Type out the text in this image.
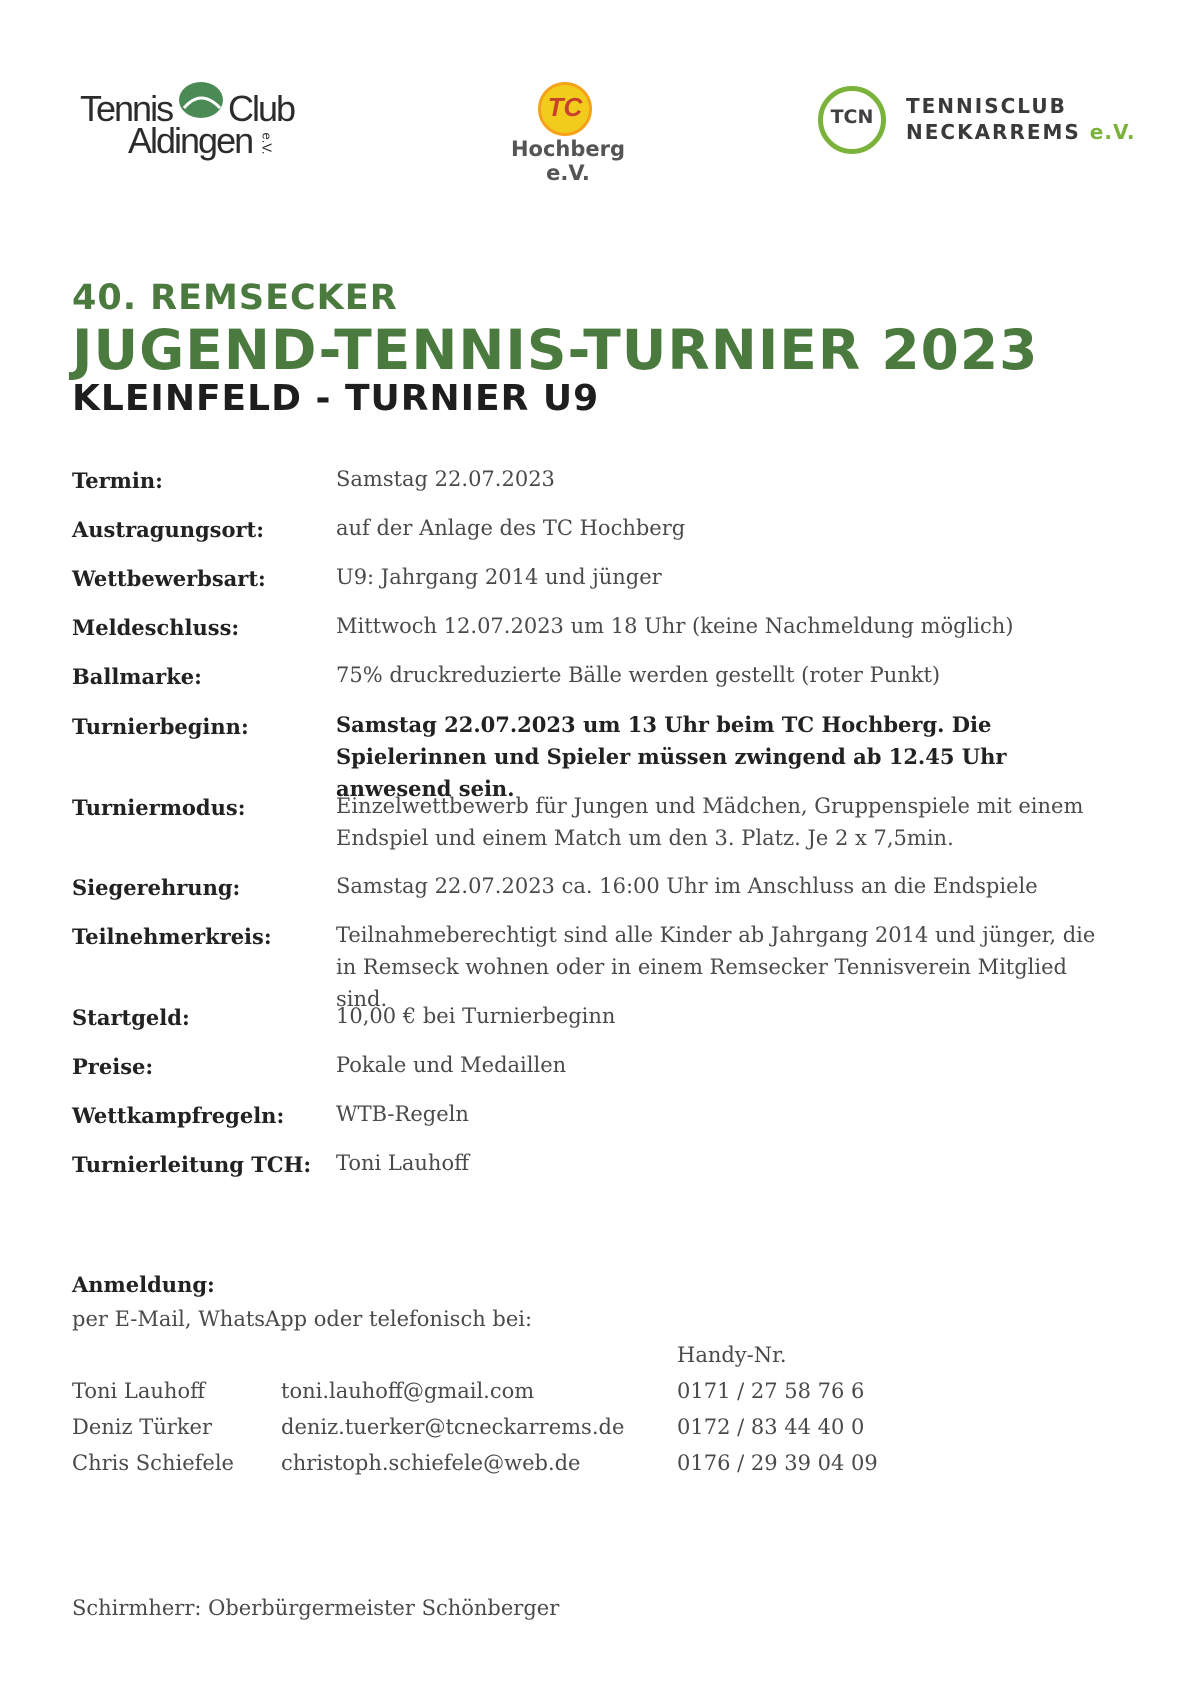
Tennis Club
Aldingen e.V.
TC
Hochberg e.V.
TCN	TENNISCLUB
NECKARREMS e.V.
40. REMSECKER
JUGEND-TENNIS-TURNIER 2023
KLEINFELD - TURNIER U9
Termin:	Samstag 22.07.2023
Austragungsort:	auf der Anlage des TC Hochberg
Wettbewerbsart:	U9: Jahrgang 2014 und jünger
Meldeschluss:	Mittwoch 12.07.2023 um 18 Uhr (keine Nachmeldung möglich)
Ballmarke:	75% druckreduzierte Bälle werden gestellt (roter Punkt)
Turnierbeginn:	Samstag 22.07.2023 um 13 Uhr beim TC Hochberg. Die Spielerinnen und Spieler müssen zwingend ab 12.45 Uhr anwesend sein.
Turniermodus:	Einzelwettbewerb für Jungen und Mädchen, Gruppenspiele mit einem Endspiel und einem Match um den 3. Platz. Je 2 x 7,5min.
Siegerehrung:	Samstag 22.07.2023 ca. 16:00 Uhr im Anschluss an die Endspiele
Teilnehmerkreis:	Teilnahmeberechtigt sind alle Kinder ab Jahrgang 2014 und jünger, die in Remseck wohnen oder in einem Remsecker Tennisverein Mitglied sind.
Startgeld:	10,00 € bei Turnierbeginn
Preise:	Pokale und Medaillen
Wettkampfregeln: WTB-Regeln
Turnierleitung TCH: Toni Lauhoff
Anmeldung:
per E-Mail, WhatsApp oder telefonisch bei:
Handy-Nr.
Toni Lauhoff	toni.lauhoff@gmail.com	0171 / 27 58 76 6
Deniz Türker	deniz.tuerker@tcneckarrems.de	0172 / 83 44 40 0
Chris Schiefele christoph.schiefele@web.de	0176 / 29 39 04 09
Schirmherr: Oberbürgermeister Schönberger
